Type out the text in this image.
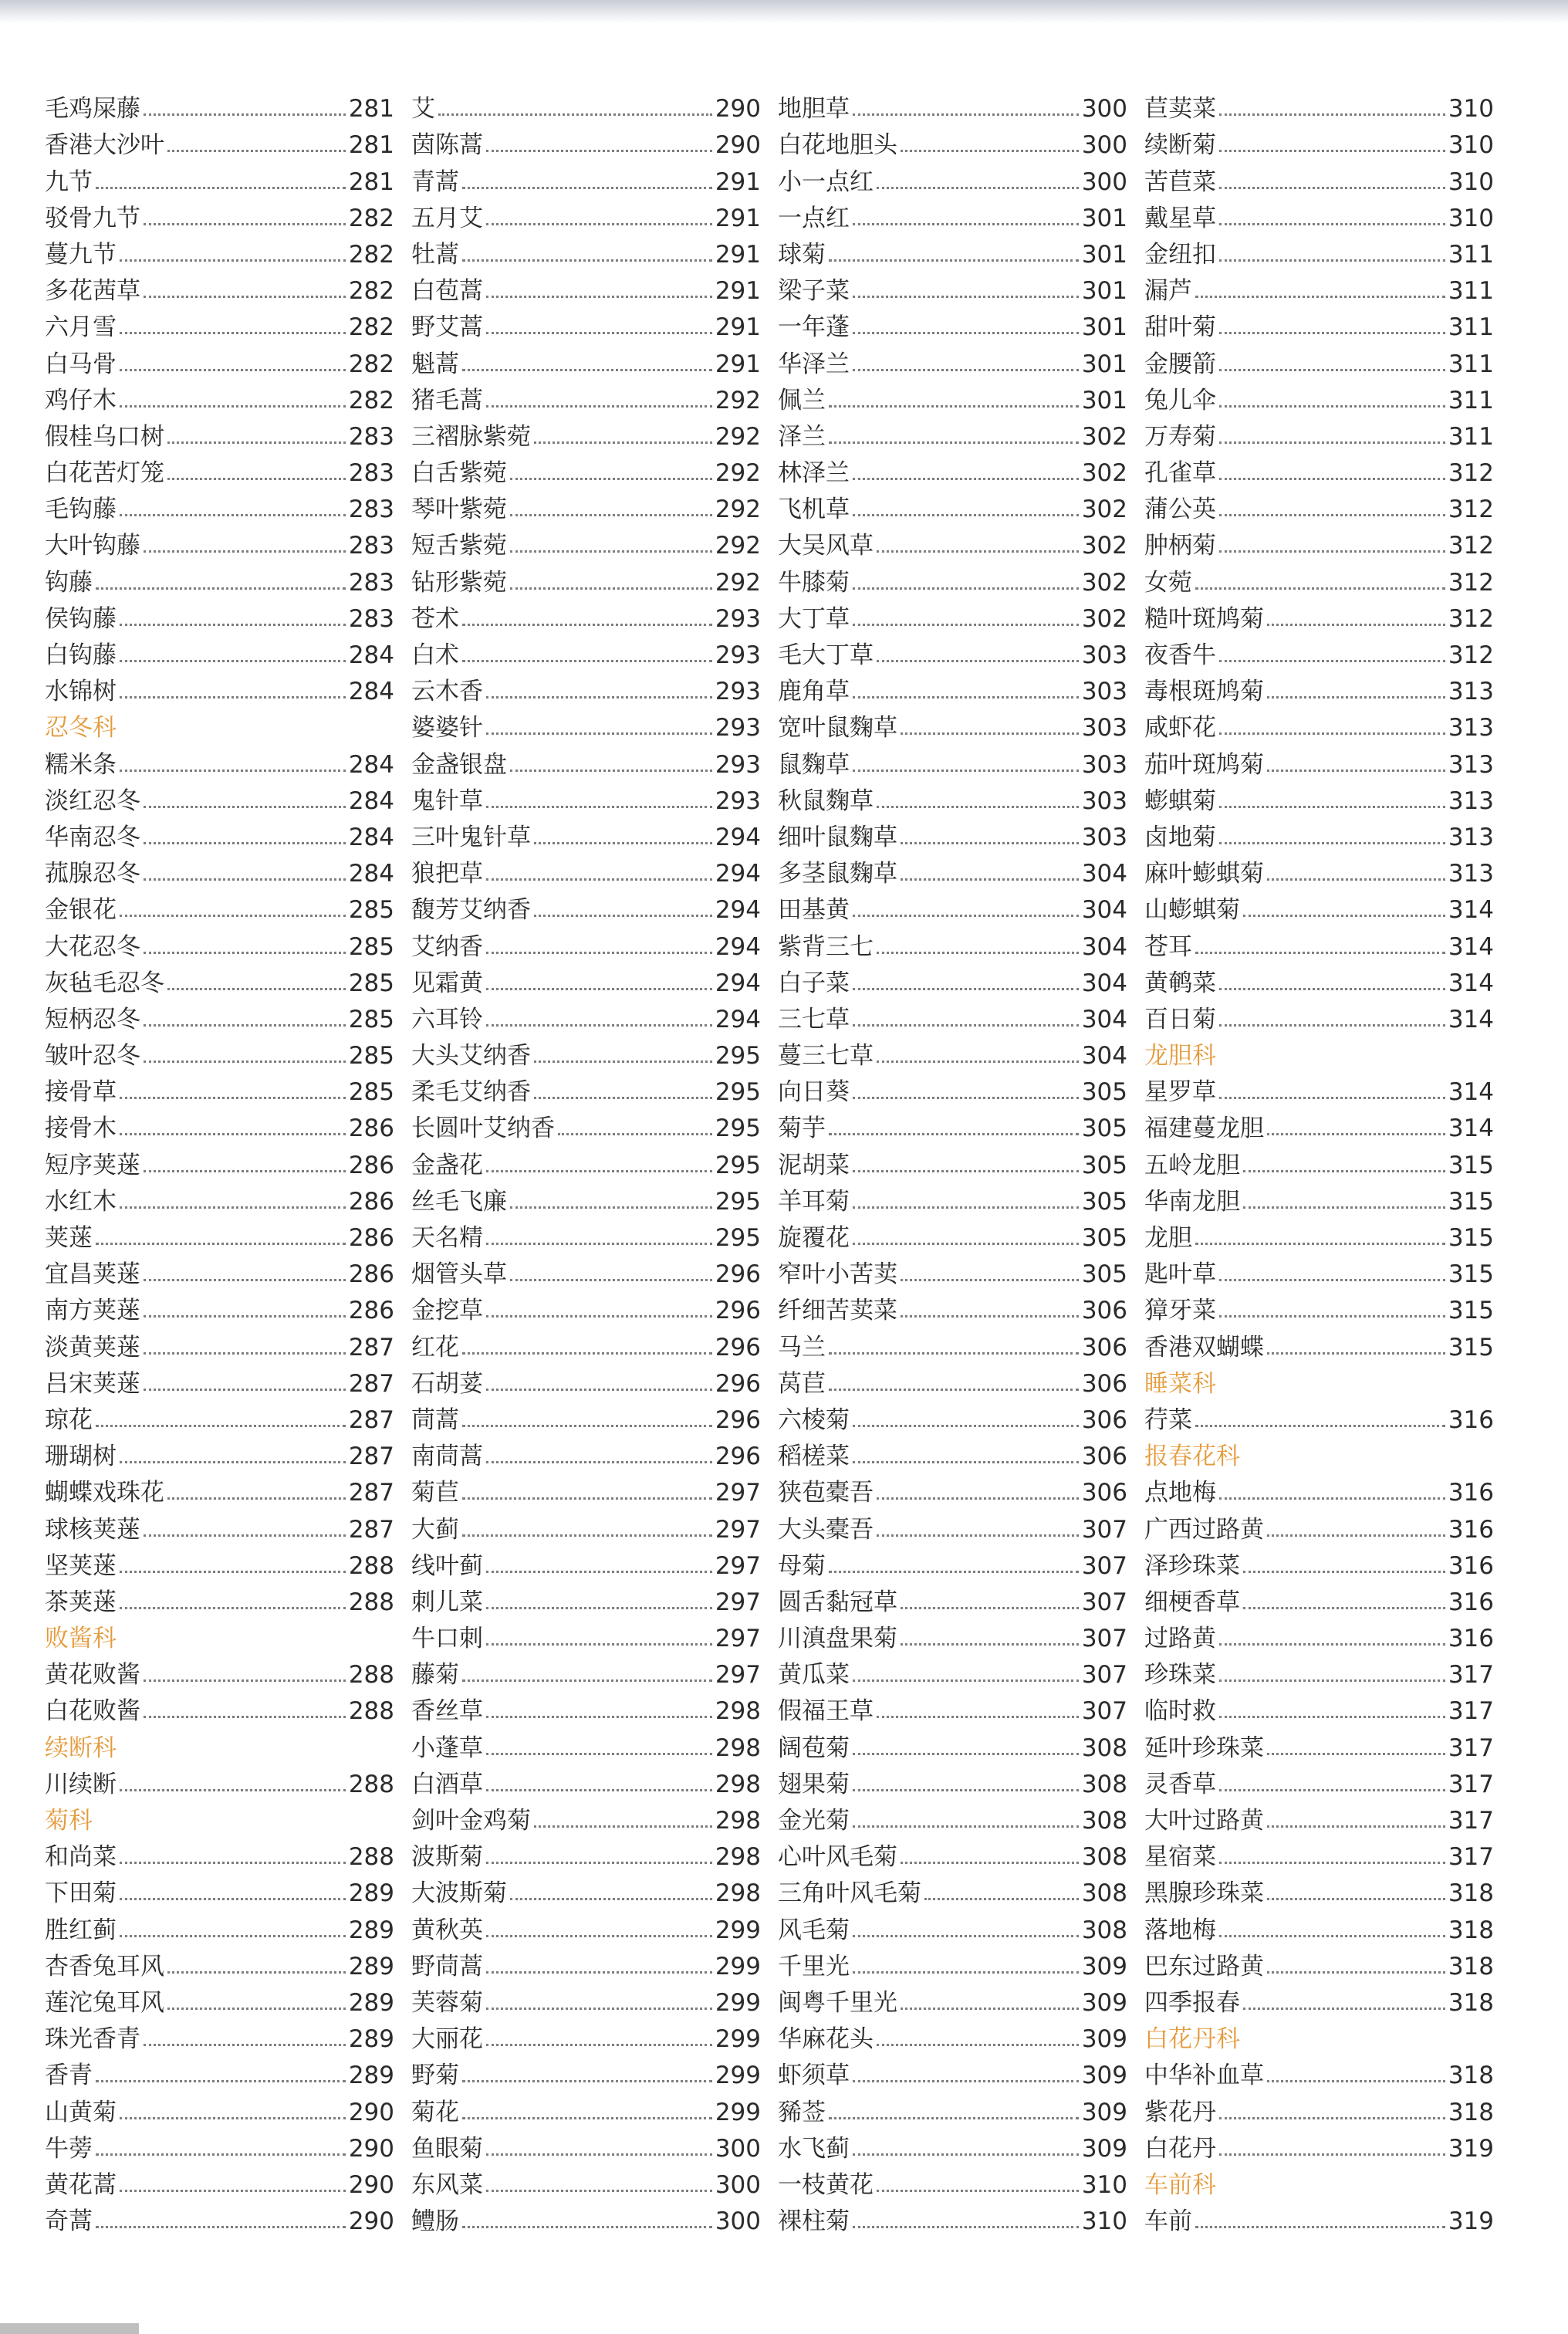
毛鸡屎藤	281
香港大沙叶	281
九节	281
驳骨九节	282
蔓九节	282
多花茜草	282
六月雪	282
白马骨	282
鸡仔木	282
假桂乌口树	283
白花苦灯笼	283
毛钩藤	283
大叶钩藤	283
钩藤	283
侯钩藤	283
白钩藤	284
水锦树	284
忍冬科
糯米条	284
淡红忍冬	284
华南忍冬	284
菰腺忍冬	284
金银花	285
大花忍冬	285
灰毡毛忍冬	285
短柄忍冬	285
皱叶忍冬	285
接骨草	285
接骨木	286
短序荚蒾	286
水红木	286
荚蒾	286
宜昌荚蒾	286
南方荚蒾	286
淡黄荚蒾	287
吕宋荚蒾	287
琼花	287
珊瑚树	287
蝴蝶戏珠花	287
球核荚蒾	287
坚荚蒾	288
茶荚蒾	288
败酱科
黄花败酱	288
白花败酱	288
续断科
川续断	288
菊科
和尚菜	288
下田菊	289
胜红蓟	289
杏香兔耳风	289
莲沱兔耳风	289
珠光香青	289
香青	289
山黄菊	290
牛蒡	290
黄花蒿	290
奇蒿	290
艾	290
茵陈蒿	290
青蒿	291
五月艾	291
牡蒿	291
白苞蒿	291
野艾蒿	291
魁蒿	291
猪毛蒿	292
三褶脉紫菀	292
白舌紫菀	292
琴叶紫菀	292
短舌紫菀	292
钻形紫菀	292
苍术	293
白术	293
云木香	293
婆婆针	293
金盏银盘	293
鬼针草	293
三叶鬼针草	294
狼把草	294
馥芳艾纳香	294
艾纳香	294
见霜黄	294
六耳铃	294
大头艾纳香	295
柔毛艾纳香	295
长圆叶艾纳香	295
金盏花	295
丝毛飞廉	295
天名精	295
烟管头草	296
金挖草	296
红花	296
石胡荽	296
茼蒿	296
南茼蒿	296
菊苣	297
大蓟	297
线叶蓟	297
刺儿菜	297
牛口刺	297
藤菊	297
香丝草	298
小蓬草	298
白酒草	298
剑叶金鸡菊	298
波斯菊	298
大波斯菊	298
黄秋英	299
野茼蒿	299
芙蓉菊	299
大丽花	299
野菊	299
菊花	299
鱼眼菊	300
东风菜	300
鳢肠	300
地胆草	300
白花地胆头	300
小一点红	300
一点红	301
球菊	301
梁子菜	301
一年蓬	301
华泽兰	301
佩兰	301
泽兰	302
林泽兰	302
飞机草	302
大吴风草	302
牛膝菊	302
大丁草	302
毛大丁草	303
鹿角草	303
宽叶鼠麴草	303
鼠麴草	303
秋鼠麴草	303
细叶鼠麴草	303
多茎鼠麴草	304
田基黄	304
紫背三七	304
白子菜	304
三七草	304
蔓三七草	304
向日葵	305
菊芋	305
泥胡菜	305
羊耳菊	305
旋覆花	305
窄叶小苦荬	305
纤细苦荬菜	306
马兰	306
莴苣	306
六棱菊	306
稻槎菜	306
狭苞橐吾	306
大头橐吾	307
母菊	307
圆舌黏冠草	307
川滇盘果菊	307
黄瓜菜	307
假福王草	307
阔苞菊	308
翅果菊	308
金光菊	308
心叶风毛菊	308
三角叶风毛菊	308
风毛菊	308
千里光	309
闽粤千里光	309
华麻花头	309
虾须草	309
豨莶	309
水飞蓟	309
一枝黄花	310
裸柱菊	310
苣荬菜	310
续断菊	310
苦苣菜	310
戴星草	310
金纽扣	311
漏芦	311
甜叶菊	311
金腰箭	311
兔儿伞	311
万寿菊	311
孔雀草	312
蒲公英	312
肿柄菊	312
女菀	312
糙叶斑鸠菊	312
夜香牛	312
毒根斑鸠菊	313
咸虾花	313
茄叶斑鸠菊	313
蟛蜞菊	313
卤地菊	313
麻叶蟛蜞菊	313
山蟛蜞菊	314
苍耳	314
黄鹌菜	314
百日菊	314
龙胆科
星罗草	314
福建蔓龙胆	314
五岭龙胆	315
华南龙胆	315
龙胆	315
匙叶草	315
獐牙菜	315
香港双蝴蝶	315
睡菜科
荇菜	316
报春花科
点地梅	316
广西过路黄	316
泽珍珠菜	316
细梗香草	316
过路黄	316
珍珠菜	317
临时救	317
延叶珍珠菜	317
灵香草	317
大叶过路黄	317
星宿菜	317
黑腺珍珠菜	318
落地梅	318
巴东过路黄	318
四季报春	318
白花丹科
中华补血草	318
紫花丹	318
白花丹	319
车前科
车前	319
